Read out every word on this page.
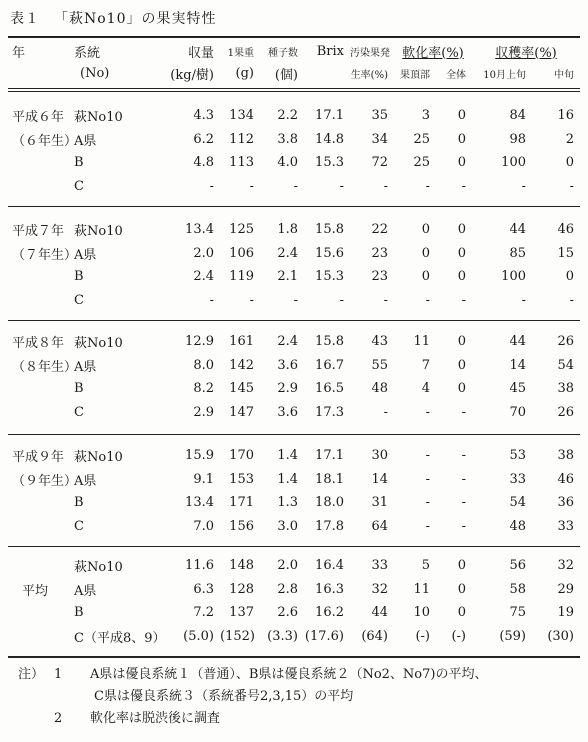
表１ 「萩No10」の果実特性
年	系統	収量	1果重	種子数	Brix	汚染果発	軟化率(%)		収穫率(%)	
	(No)	(kg/樹)	(g)	(個)		生率(%)	果頂部	全体	10月上旬	中旬
平成６年	萩No10	4.3	134	2.2	17.1	35	3	0	84	16
（６年生）	A県	6.2	112	3.8	14.8	34	25	0	98	2
	B	4.8	113	4.0	15.3	72	25	0	100	0
	C	-	-	-	-	-	-	-	-	-
平成７年	萩No10	13.4	125	1.8	15.8	22	0	0	44	46
（７年生）	A県	2.0	106	2.4	15.6	23	0	0	85	15
	B	2.4	119	2.1	15.3	23	0	0	100	0
	C	-	-	-	-	-	-	-	-	-
平成８年	萩No10	12.9	161	2.4	15.8	43	11	0	44	26
（８年生）	A県	8.0	142	3.6	16.7	55	7	0	14	54
	B	8.2	145	2.9	16.5	48	4	0	45	38
	C	2.9	147	3.6	17.3	-	-	-	70	26
平成９年	萩No10	15.9	170	1.4	17.1	30	-	-	53	38
（９年生）	A県	9.1	153	1.4	18.1	14	-	-	33	46
	B	13.4	171	1.3	18.0	31	-	-	54	36
	C	7.0	156	3.0	17.8	64	-	-	48	33
	萩No10	11.6	148	2.0	16.4	33	5	0	56	32
平均	A県	6.3	128	2.8	16.3	32	11	0	58	29
	B	7.2	137	2.6	16.2	44	10	0	75	19
	C（平成8、9）	(5.0)	(152)	(3.3)	(17.6)	(64)	(-)	(-)	(59)	(30)
注） 1 A県は優良系統１（普通）、B県は優良系統２（No2、No7)の平均、
C県は優良系統３（系統番号2,3,15）の平均
2 軟化率は脱渋後に調査
